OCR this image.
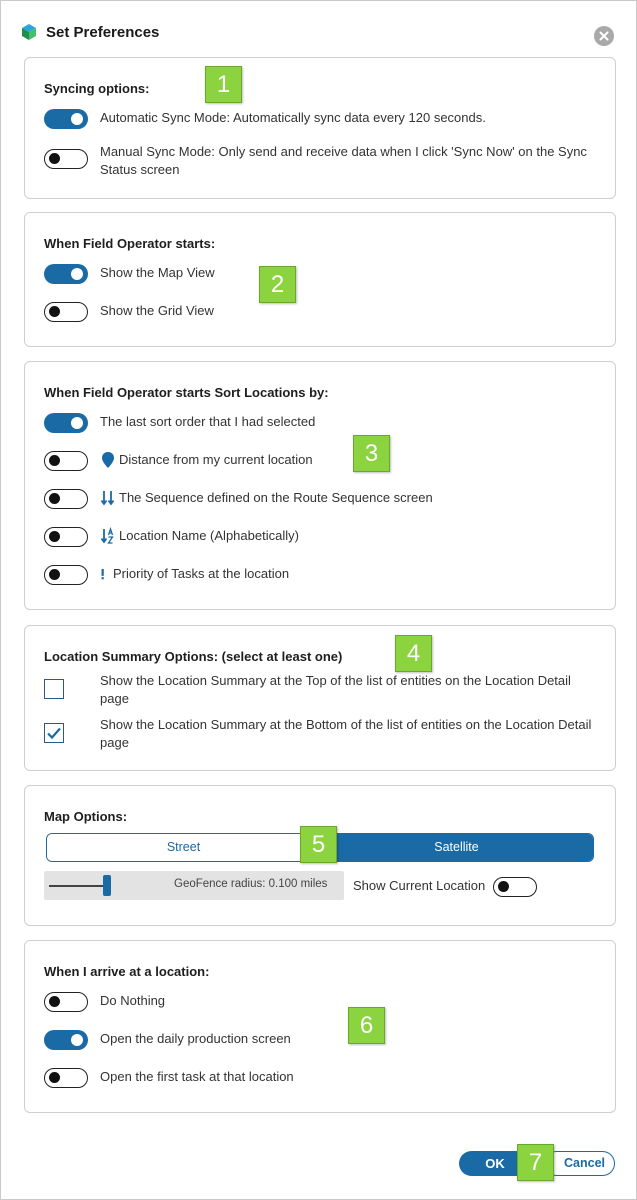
Set Preferences
Syncing options:
Automatic Sync Mode: Automatically sync data every 120 seconds.
Manual Sync Mode: Only send and receive data when I click 'Sync Now' on the Sync Status screen
When Field Operator starts:
Show the Map View
Show the Grid View
When Field Operator starts Sort Locations by:
The last sort order that I had selected
Distance from my current location
The Sequence defined on the Route Sequence screen
Location Name (Alphabetically)
Priority of Tasks at the location
Location Summary Options: (select at least one)
Show the Location Summary at the Top of the list of entities on the Location Detail page
Show the Location Summary at the Bottom of the list of entities on the Location Detail page
Map Options:
Street	Satellite
GeoFence radius: 0.100 miles Show Current Location
When I arrive at a location:
Do Nothing
Open the daily production screen
Open the first task at that location
Cancel
OK
1
2
3
4
5
6
7
